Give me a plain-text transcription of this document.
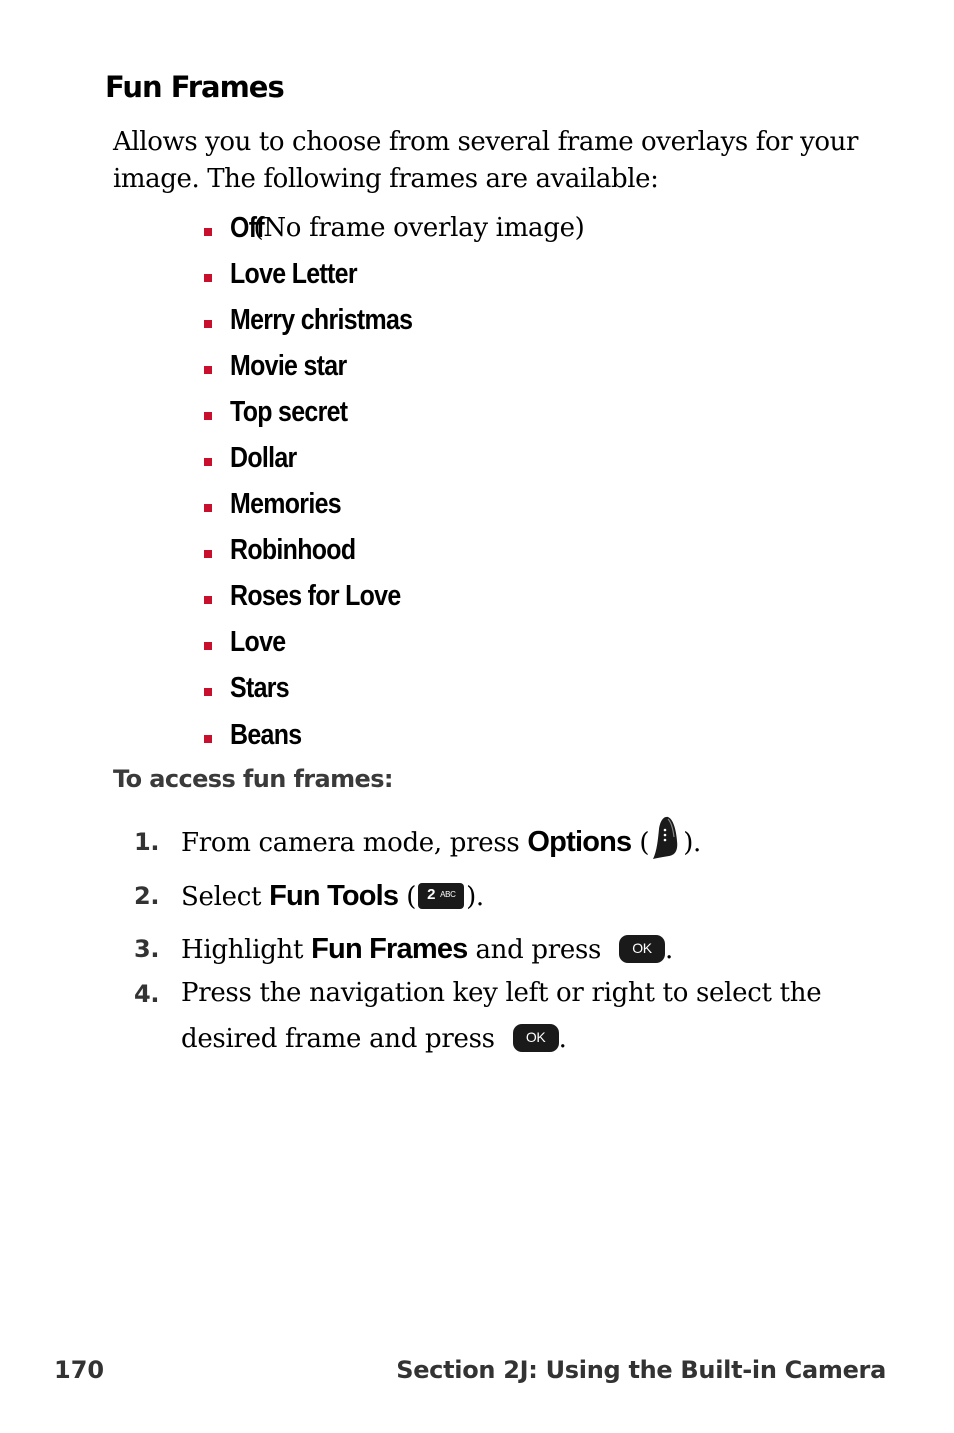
Fun Frames

Allows you to choose from several frame overlays for your image. The following frames are available:

Off
(No frame overlay image)
Love Letter
Merry christmas
Movie star
Top secret
Dollar
Memories
Robinhood
Roses for Love
Love
Stars
Beans
To access fun frames:
1. From camera mode, press Options ( ).
2. Select Fun Tools ( 2 ABC ).
3. Highlight Fun Frames and press	OK .
4. Press the navigation key left or right to select the
desired frame and press	OK .
170	Section 2J: Using the Built-in Camera
